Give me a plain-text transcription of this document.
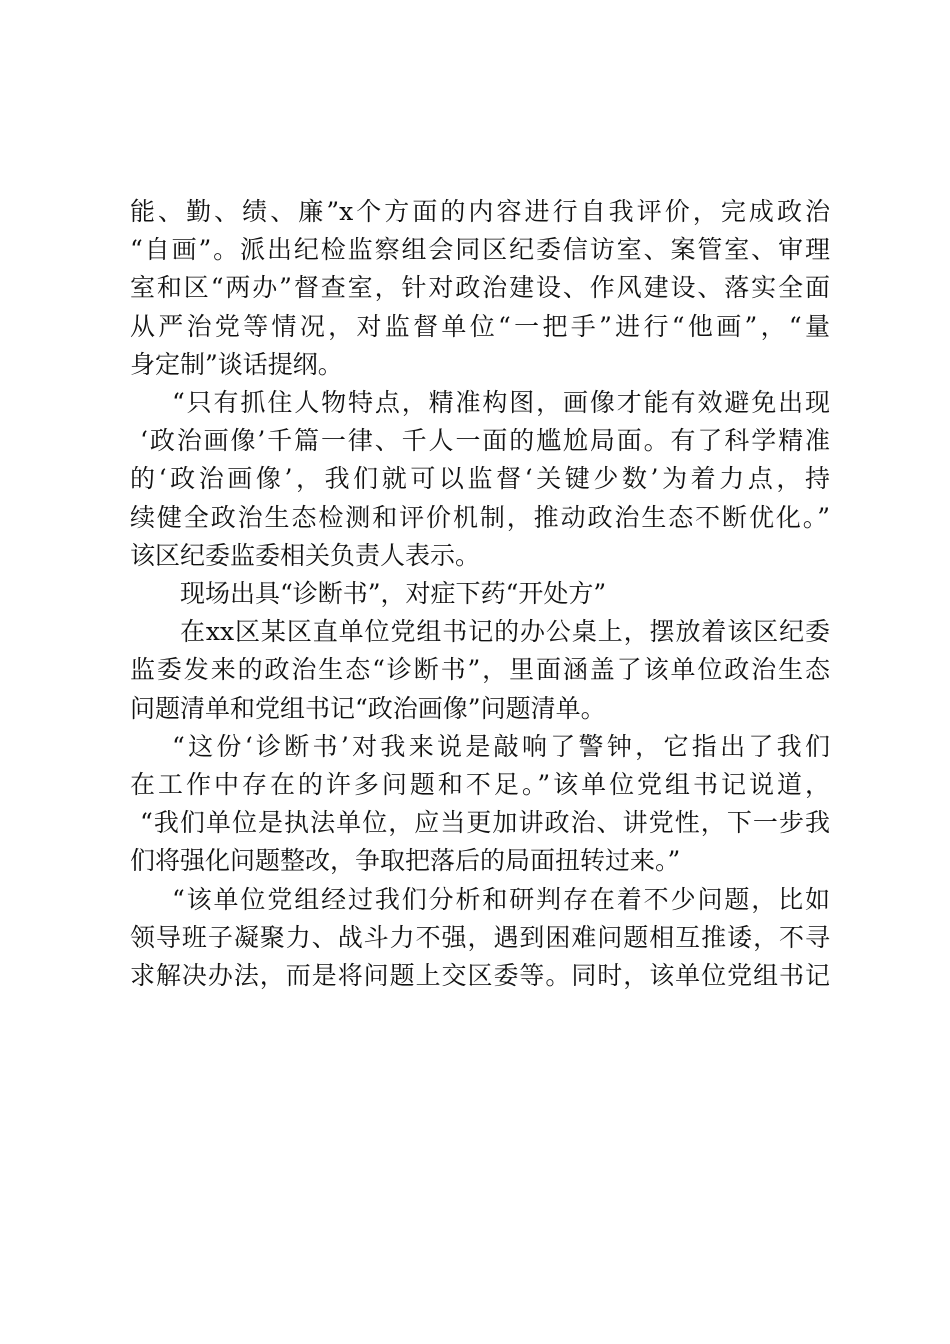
能、勤、绩、廉”x个方面的内容进行自我评价，完成政治
“自画”。派出纪检监察组会同区纪委信访室、案管室、审理
室和区“两办”督查室，针对政治建设、作风建设、落实全面
从严治党等情况，对监督单位“一把手”进行“他画”，“量
身定制”谈话提纲。
“只有抓住人物特点，精准构图，画像才能有效避免出现
‘政治画像’千篇一律、千人一面的尴尬局面。有了科学精准
的‘政治画像’，我们就可以监督‘关键少数’为着力点，持
续健全政治生态检测和评价机制，推动政治生态不断优化。”
该区纪委监委相关负责人表示。
现场出具“诊断书”，对症下药“开处方”
在xx区某区直单位党组书记的办公桌上，摆放着该区纪委
监委发来的政治生态“诊断书”，里面涵盖了该单位政治生态
问题清单和党组书记“政治画像”问题清单。
“这份‘诊断书’对我来说是敲响了警钟，它指出了我们
在工作中存在的许多问题和不足。”该单位党组书记说道，
“我们单位是执法单位，应当更加讲政治、讲党性，下一步我
们将强化问题整改，争取把落后的局面扭转过来。”
“该单位党组经过我们分析和研判存在着不少问题，比如
领导班子凝聚力、战斗力不强，遇到困难问题相互推诿，不寻
求解决办法，而是将问题上交区委等。同时，该单位党组书记
